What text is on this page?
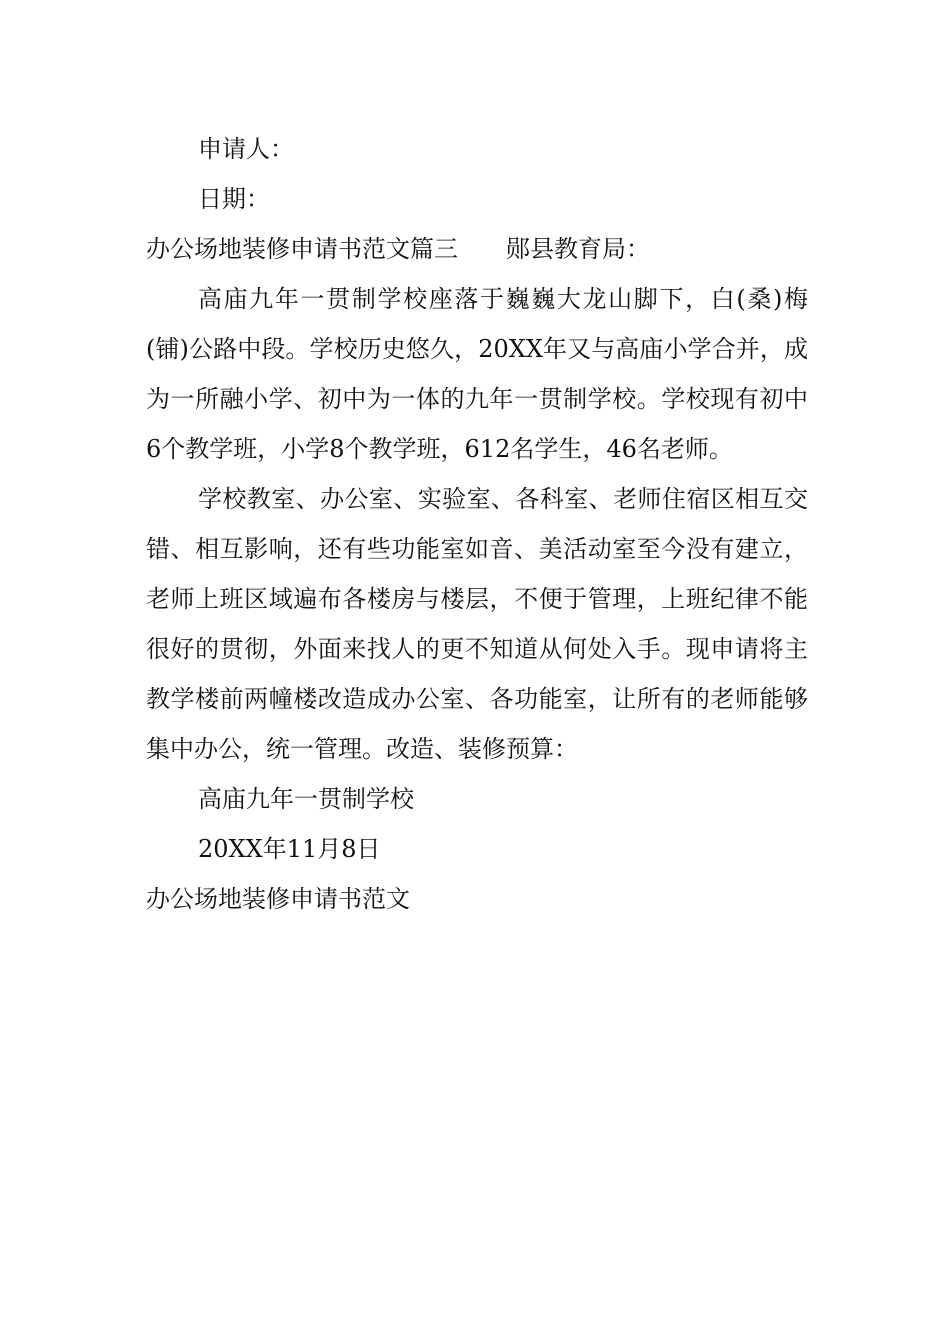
申请人：
日期：
办公场地装修申请书范文篇三 郧县教育局：

高庙九年一贯制学校座落于巍巍大龙山脚下，白(桑)梅(铺)公路中段。学校历史悠久，20XX年又与高庙小学合并，成为一所融小学、初中为一体的九年一贯制学校。学校现有初中6个教学班，小学8个教学班，612名学生，46名老师。

学校教室、办公室、实验室、各科室、老师住宿区相互交错、相互影响，还有些功能室如音、美活动室至今没有建立，老师上班区域遍布各楼房与楼层，不便于管理，上班纪律不能很好的贯彻，外面来找人的更不知道从何处入手。现申请将主教学楼前两幢楼改造成办公室、各功能室，让所有的老师能够集中办公，统一管理。改造、装修预算：

高庙九年一贯制学校
20XX年11月8日
办公场地装修申请书范文
